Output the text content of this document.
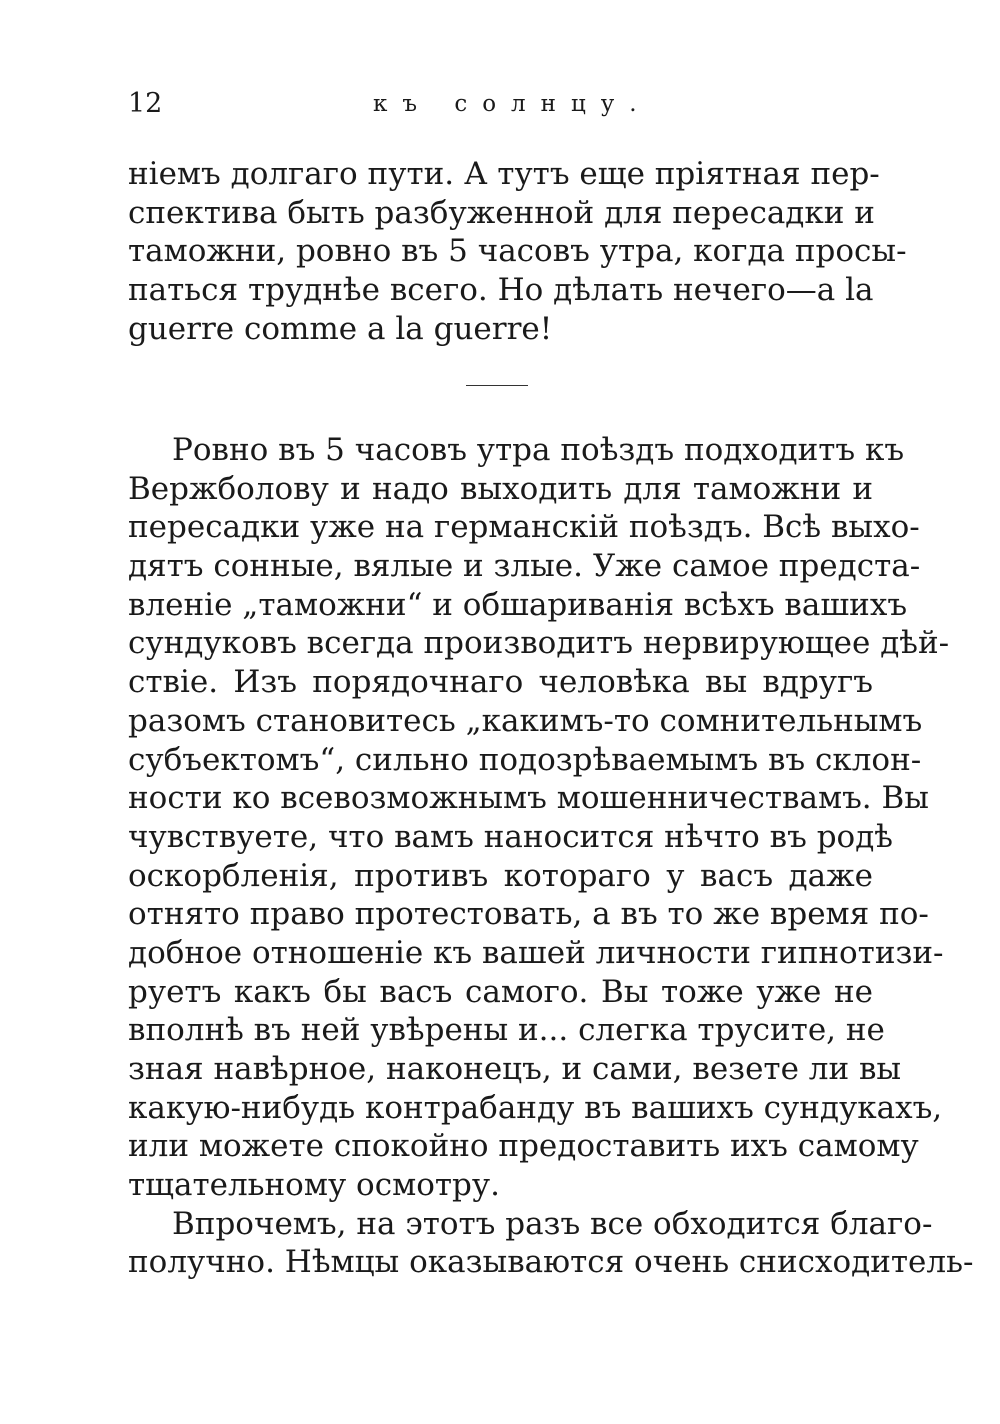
12	къ солнцу.
ніемъ долгаго пути. А тутъ еще пріятная пер-
спектива быть разбуженной для пересадки и
таможни, ровно въ 5 часовъ утра, когда просы-
паться труднѣе всего. Но дѣлать нечего—а la
guerre comme a la guerre!
Ровно въ 5 часовъ утра поѣздъ подходитъ къ
Вержболову и надо выходить для таможни и
пересадки уже на германскій поѣздъ. Всѣ выхо-
дятъ сонные, вялые и злые. Уже самое предста-
вленіе „таможни“ и обшариванія всѣхъ вашихъ
сундуковъ всегда производитъ нервирующее дѣй-
ствіе. Изъ порядочнаго человѣка вы вдругъ
разомъ становитесь „какимъ-то сомнительнымъ
субъектомъ“, сильно подозрѣваемымъ въ склон-
ности ко всевозможнымъ мошенничествамъ. Вы
чувствуете, что вамъ наносится нѣчто въ родѣ
оскорбленія, противъ котораго у васъ даже
отнято право протестовать, а въ то же время по-
добное отношеніе къ вашей личности гипнотизи-
руетъ какъ бы васъ самого. Вы тоже уже не
вполнѣ въ ней увѣрены и... слегка трусите, не
зная навѣрное, наконецъ, и сами, везете ли вы
какую-нибудь контрабанду въ вашихъ сундукахъ,
или можете спокойно предоставить ихъ самому
тщательному осмотру.
Впрочемъ, на этотъ разъ все обходится благо-
получно. Нѣмцы оказываются очень снисходитель-
